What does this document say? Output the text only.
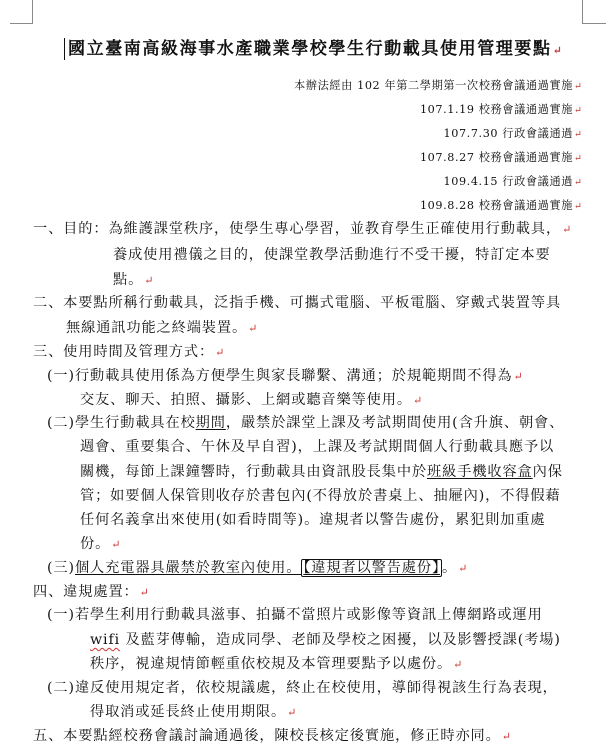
國立臺南高級海事水產職業學校學生行動載具使用管理要點↵
本辦法經由 102 年第二學期第一次校務會議通過實施↵
107.1.19 校務會議通過實施↵
107.7.30 行政會議通過↵
107.8.27 校務會議通過實施↵
109.4.15 行政會議通過↵
109.8.28 校務會議通過實施↵
一、目的：為維護課堂秩序，使學生專心學習，並教育學生正確使用行動載具，↵
養成使用禮儀之目的，使課堂教學活動進行不受干擾，特訂定本要
點。↵
二、本要點所稱行動載具，泛指手機、可攜式電腦、平板電腦、穿戴式裝置等具
無線通訊功能之終端裝置。↵
三、使用時間及管理方式：↵
(一)行動載具使用係為方便學生與家長聯繫、溝通；於規範期間不得為↵
交友、聊天、拍照、攝影、上網或聽音樂等使用。↵
(二)學生行動載具在校期間，嚴禁於課堂上課及考試期間使用(含升旗、朝會、
週會、重要集合、午休及早自習)，上課及考試期間個人行動載具應予以
關機，每節上課鐘響時，行動載具由資訊股長集中於班級手機收容盒內保
管；如要個人保管則收存於書包內(不得放於書桌上、抽屜內)，不得假藉
任何名義拿出來使用(如看時間等)。違規者以警告處份，累犯則加重處
份。↵
(三)個人充電器具嚴禁於教室內使用。 【違規者以警告處份】 。↵
四、違規處置：↵
(一)若學生利用行動載具滋事、拍攝不當照片或影像等資訊上傳網路或運用
wifi 及藍芽傳輸，造成同學、老師及學校之困擾，以及影響授課(考場)
秩序，視違規情節輕重依校規及本管理要點予以處份。↵
(二)違反使用規定者，依校規議處，終止在校使用，導師得視該生行為表現，
得取消或延長終止使用期限。↵
五、本要點經校務會議討論通過後，陳校長核定後實施，修正時亦同。↵
